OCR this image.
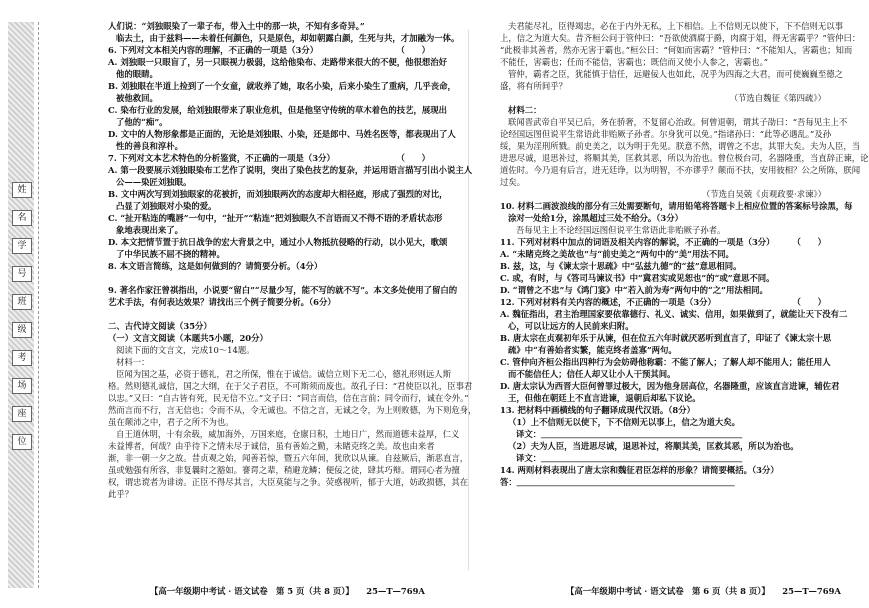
姓
名
学
号
班
级
考
场
座
位
人们说：“刘独眼染了一辈子布，带入土中的那一块，不知有多奇异。”
临去土，由于兹料——未着任何颜色，只是原色，却如朝露白颜，生死与共，才加融为一体。
（　　）
6. 下列对文本相关内容的理解，不正确的一项是（3分）
A. 刘独眼一只眼盲了，另一只眼视力极弱，这给他染布、走路带来很大的不便，他很想治好
他的眼睛。
B. 刘独眼在半道上捡到了一个女童，就收养了她，取名小染，后来小染生了重病，几乎丧命，
被他救回。
C. 染布行业的发展，给刘独眼带来了职业危机，但是他坚守传统的草木着色的技艺，展现出
了他的“痴”。
D. 文中的人物形象都是正面的，无论是刘独眼、小染，还是郎中、马姓名医等，都表现出了人
性的善良和淳朴。
（　　）
7. 下列对文本艺术特色的分析鉴赏，不正确的一项是（3分）
A. 第一段要展示刘独眼染布工艺作了说明，突出了染色技艺的复杂，并运用语言描写引出小说主人
公——染匠刘独眼。
B. 文中两次写到刘独眼家的花被折，而刘独眼两次的态度却大相径庭，形成了强烈的对比，
凸显了刘独眼对小染的爱。
C. “扯开粘连的嘴唇”一句中，“扯开”“粘连”把刘独眼久不言语而又不得不语的矛盾状态形
象地表现出来了。
D. 本文把情节置于抗日战争的宏大背景之中，通过小人物抵抗侵略的行动，以小见大，歌颂
了中华民族不屈不挠的精神。
8. 本文语言简练，这是如何做到的？请简要分析。（4分）
9. 著名作家汪曾祺指出，小说要“留白”“尽量少写，能不写的就不写”。本文多处使用了留白的
艺术手法，有何表达效果？请找出三个例子简要分析。（6分）
二、古代诗文阅读（35分）
（一）文言文阅读（本题共5小题，20分）
阅读下面的文言文，完成10～14题。
材料一：
臣闻为国之基，必资于德礼，君之所保，惟在于诚信。诚信立则下无二心，德礼形则远人斯
格。然则德礼诚信，国之大纲，在于父子君臣，不可斯须而废也。故孔子曰：“君使臣以礼，臣事君
以忠。”又曰：“自古皆有死，民无信不立。”文子曰：“同言而信，信在言前；同令而行，诚在令外。”
然而言而不行，言无信也；令而不从，令无诚也。不信之言，无诚之令，为上则败德，为下则危身，
虽在颠沛之中，君子之所不为也。
自王道休明，十有余载，威加海外，万国来庭，仓廪日积，土地日广，然而道德未益厚，仁义
未益博者，何哉？由乎待下之情未尽于诚信，虽有善始之勤，未睹克终之美。故也由来者
渐，非一朝一夕之故。昔贞观之始，闻善若惊，暨五六年间，犹欣以从谏。自兹厥后，渐恶直言，
虽或勉强有所容，非复曩时之豁如。謇谔之辈，稍避龙鳞；便佞之徒，肆其巧辩。谓同心者为擅
权，谓忠谠者为诽谤。正臣不得尽其言，大臣莫能与之争。荧惑视听，郁于大道，妨政损德，其在
此乎？
夫君能尽礼，臣得竭忠，必在于内外无私，上下相信。上不信则无以使下，下不信则无以事
上，信之为道大矣。昔齐桓公问于管仲曰：“吾欲使酒腐于爵，肉腐于俎，得无害霸乎？”管仲曰：
“此极非其善者，然亦无害于霸也。”桓公曰：“何如而害霸？”管仲曰：“不能知人，害霸也；知而
不能任，害霸也；任而不能信，害霸也；既信而又使小人参之，害霸也。”
管仲，霸者之臣，犹能慎于信任，远避佞人也如此，况乎为四海之大君，而可使巍巍至德之
盛，将有所间乎？
（节选自魏征《第四疏》）
材料二：
联闻晋武帝自平吴已后，务在骄奢，不复留心治政。何曾退朝，谓其子劭曰：“吾每见主上不
论经国远图但说平生常语此非贻厥子孙者。尔身犹可以免。”指诸孙曰：“此等必遇乱。”及孙
绥，果为淫刑所戮。前史美之，以为明于先见。朕意不然，谓曾之不忠，其罪大矣。夫为人臣，当
进思尽诚，退思补过，将顺其美，匡救其恶，所以为治也。曾位极台司，名器隆重，当直辞正谏，论
道佐时。今乃退有后言，进无廷诤，以为明智，不亦谬乎？颠而不扶，安用彼相？公之所陈，朕闻
过矣。
（节选自吴兢《贞观政要·求谏》）
10. 材料二画波浪线的部分有三处需要断句，请用铅笔将答题卡上相应位置的答案标号涂黑，每
涂对一处给1分，涂黑超过三处不给分。（3分）
吾每见主上不论经国远图但说平生常语此非贻厥子孙者。
（　　）
11. 下列对材料中加点的词语及相关内容的解说，不正确的一项是（3分）
A. “未睹克终之美故也”与“前史美之”两句中的“美”用法不同。
B. 兹，这，与《谏太宗十思疏》中“弘兹九德”的“兹”意思相同。
C. 或，有时，与《答司马谏议书》中“冀君实或见恕也”的“或”意思不同。
D. “谓曾之不忠”与《鸿门宴》中“若入前为寿”两句中的“之”用法相同。
（　　）
12. 下列对材料有关内容的概述，不正确的一项是（3分）
A. 魏征指出，君主治理国家要依靠德行、礼义、诚实、信用，如果做到了，就能让天下没有二
心，可以让远方的人民前来归附。
B. 唐太宗在贞观初年乐于从谏，但在位五六年时就厌恶听到直言了，印证了《谏太宗十思
疏》中“有善始者实繁，能克终者盖寡”两句。
C. 管仲向齐桓公指出四种行为会妨碍他称霸：不能了解人；了解人却不能用人；能任用人
而不能信任人；信任人却又让小人干预其间。
D. 唐太宗认为西晋大臣何曾罪过极大，因为他身居高位，名器隆重，应该直言进谏，辅佐君
王，但他在朝廷上不直言进谏，退朝后却私下议论。
13. 把材料中画横线的句子翻译成现代汉语。（8分）
（1）上不信则无以使下，下不信则无以事上，信之为道大矣。
译文：＿＿＿＿＿＿＿＿＿＿＿＿＿＿＿＿＿＿＿＿＿＿＿＿
（2）夫为人臣，当进思尽诚，退思补过，将顺其美，匡救其恶，所以为治也。
译文：＿＿＿＿＿＿＿＿＿＿＿＿＿＿＿＿＿＿＿＿＿＿＿＿
14. 两则材料表现出了唐太宗和魏征君臣怎样的形象？请简要概括。（3分）
答：＿＿＿＿＿＿＿＿＿＿＿＿＿＿＿＿＿＿＿＿＿＿＿＿＿＿
【高一年级期中考试 · 语文试卷　第 5 页（共 8 页）】　　25—T—769A	【高一年级期中考试 · 语文试卷　第 6 页（共 8 页）】　　25—T—769A
